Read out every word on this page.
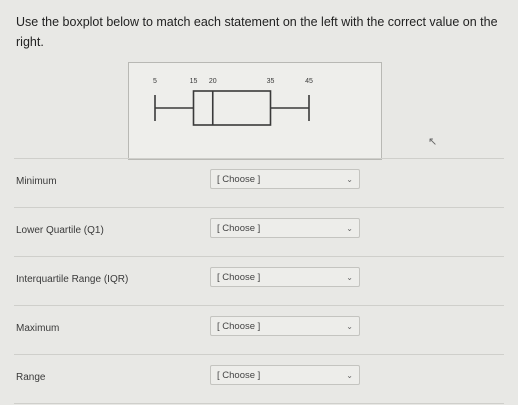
Use the boxplot below to match each statement on the left with the correct value on the right.
5	15 20	35	45
↖
Minimum	[ Choose ]	⌄
Lower Quartile (Q1)	[ Choose ]	⌄
Interquartile Range (IQR)	[ Choose ]	⌄
Maximum	[ Choose ]	⌄
Range	[ Choose ]	⌄
